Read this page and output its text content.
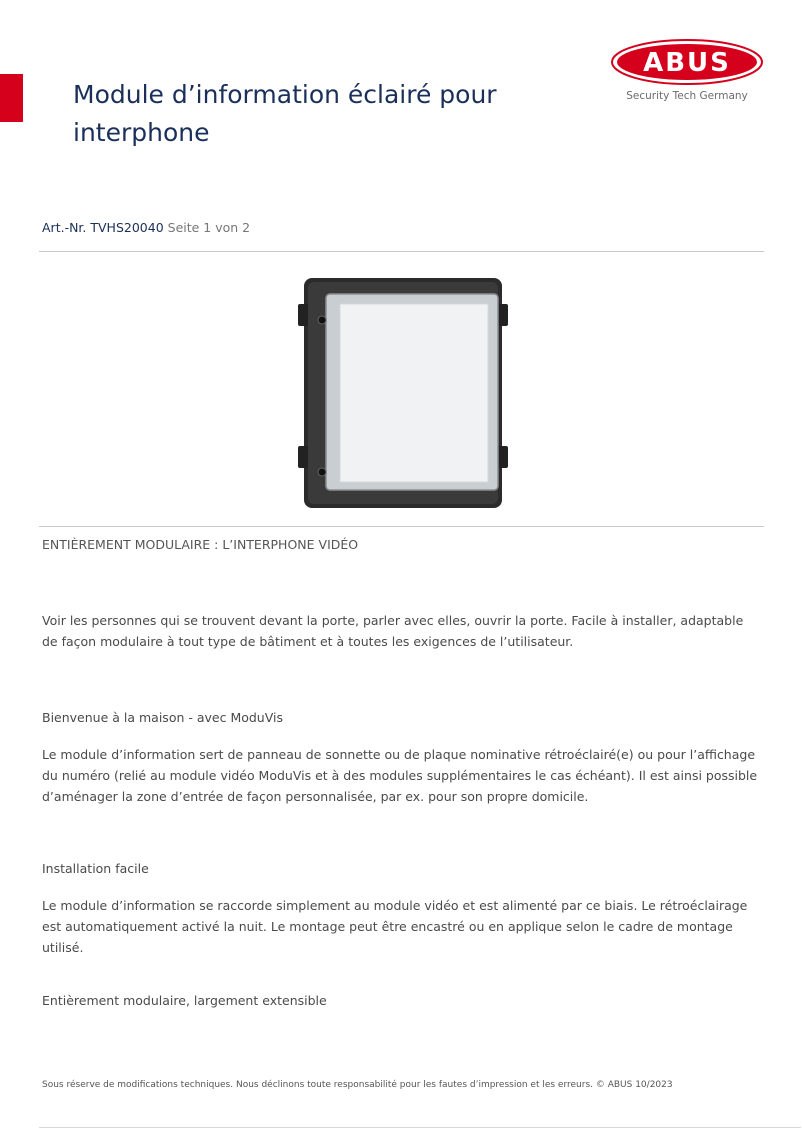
Module d’information éclairé pour interphone
ABUS
Security Tech Germany
Art.-Nr. TVHS20040 Seite 1 von 2
ENTIÈREMENT MODULAIRE : L’INTERPHONE VIDÉO

Voir les personnes qui se trouvent devant la porte, parler avec elles, ouvrir la porte. Facile à installer, adaptable de façon modulaire à tout type de bâtiment et à toutes les exigences de l’utilisateur.

Bienvenue à la maison - avec ModuVis

Le module d’information sert de panneau de sonnette ou de plaque nominative rétroéclairé(e) ou pour l’affichage du numéro (relié au module vidéo ModuVis et à des modules supplémentaires le cas échéant). Il est ainsi possible d’aménager la zone d’entrée de façon personnalisée, par ex. pour son propre domicile.

Installation facile

Le module d’information se raccorde simplement au module vidéo et est alimenté par ce biais. Le rétroéclairage est automatiquement activé la nuit. Le montage peut être encastré ou en applique selon le cadre de montage utilisé.

Entièrement modulaire, largement extensible

Sous réserve de modifications techniques. Nous déclinons toute responsabilité pour les fautes d’impression et les erreurs. © ABUS 10/2023
